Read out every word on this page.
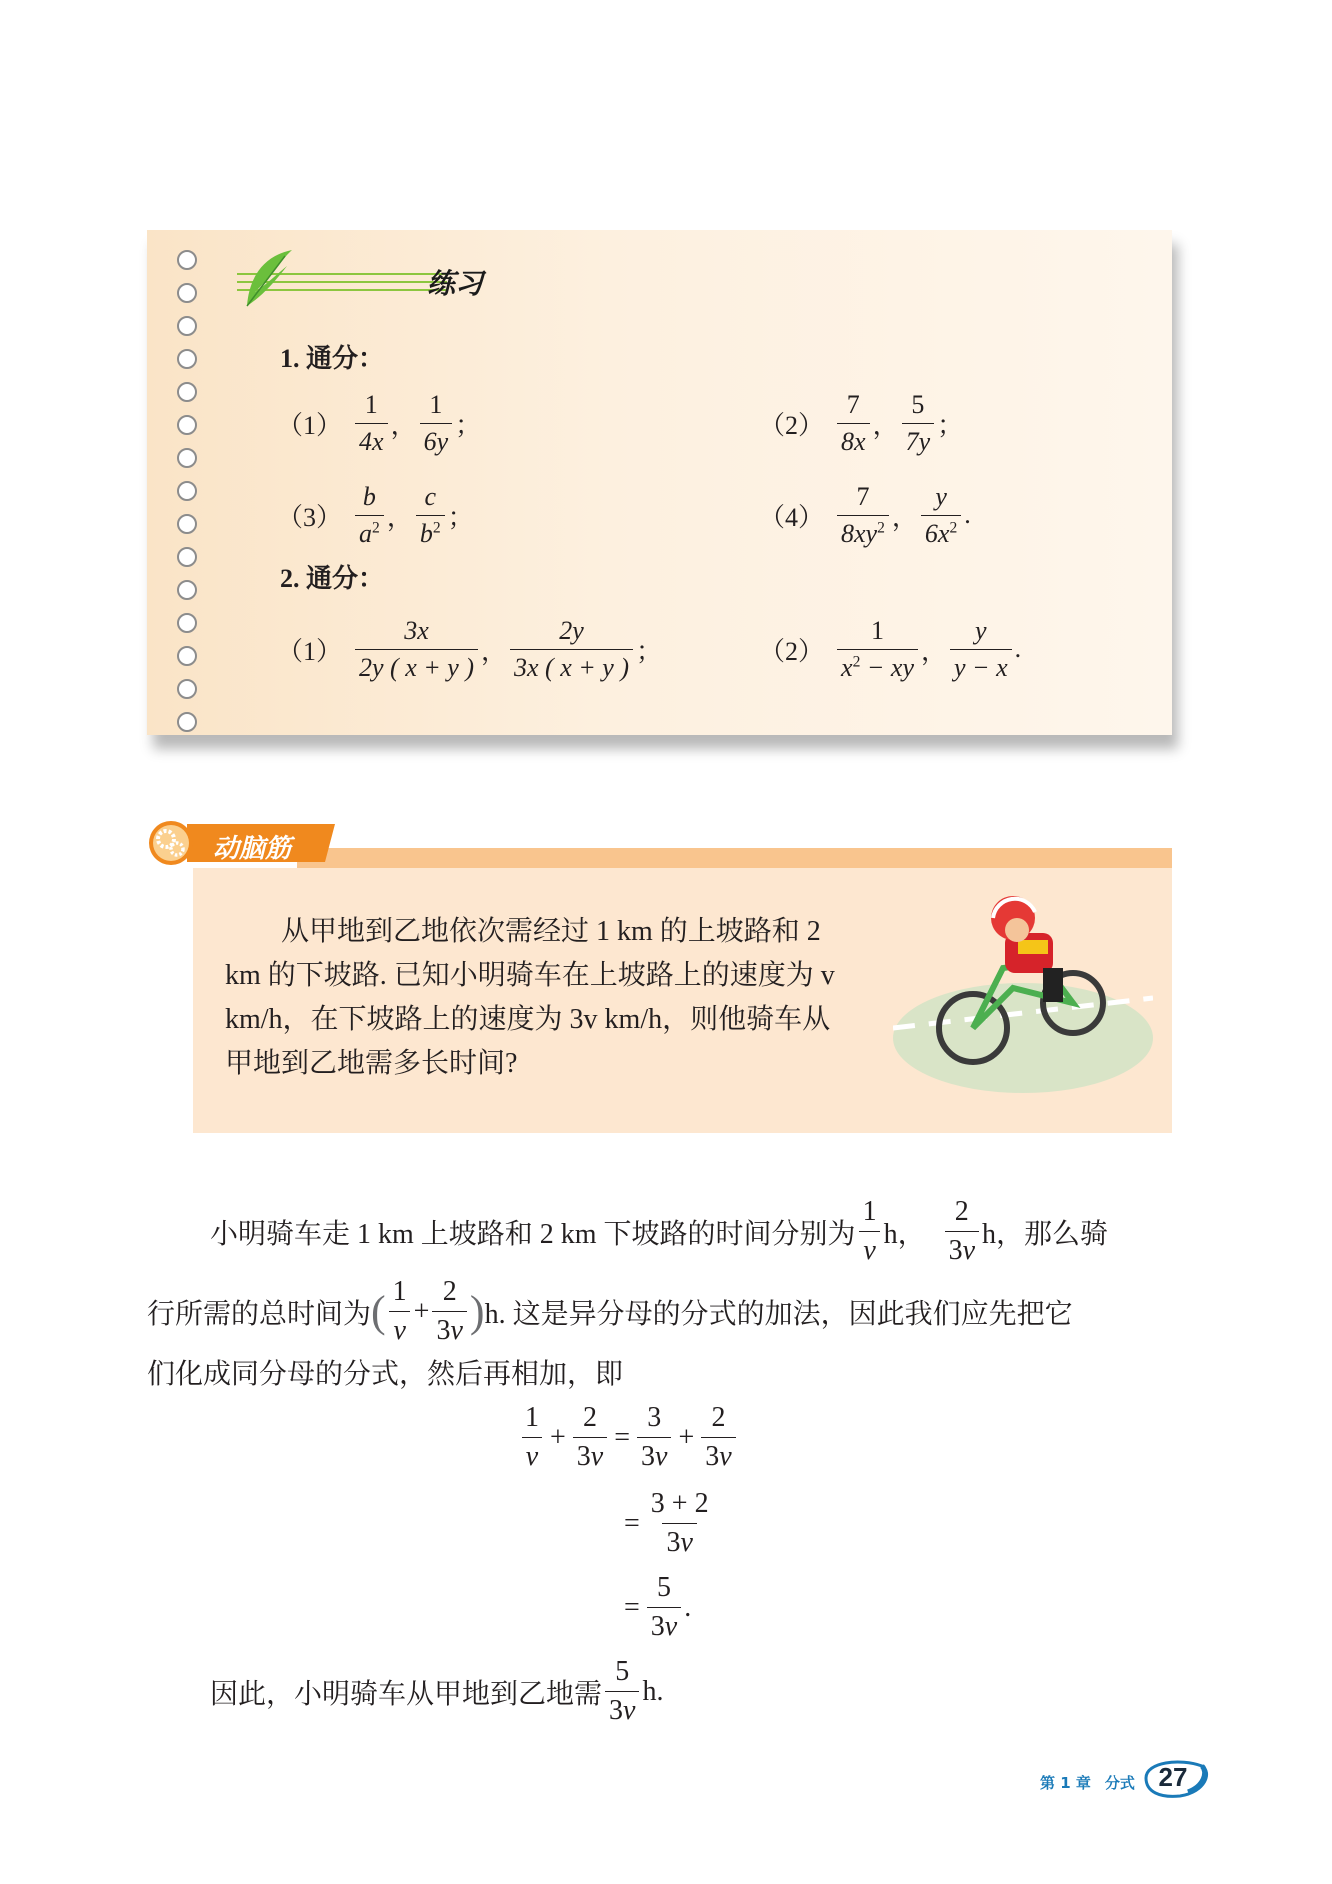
练习
1. 通分：
$(1) \frac{1}{4x}$ ， $\frac{1}{6y}$ ；	$(2) \frac{7}{8x}$ ， $\frac{5}{7y}$ ；
$(3) \frac{b}{a^2}$ ， $\frac{c}{b^2}$ ；	$(4) \frac{7}{8xy^2}$ ， $\frac{y}{6x^2}$ .
2. 通分：
$(1) \frac{3x}{2y ( x + y )}$ ， $\frac{2y}{3x ( x + y )}$ ；	$(2) \frac{1}{x^2 - xy}$ ， $\frac{y}{y - x}$ .
动脑筋
从甲地到乙地依次需经过 1 km 的上坡路和 2 km 的下坡路. 已知小明骑车在上坡路上的速度为 v km/h，在下坡路上的速度为 3v km/h，则他骑车从甲地到乙地需多长时间?
小明骑车走 1 km 上坡路和 2 km 下坡路的时间分别为 $\frac{1}{v}$ h， $\frac{2}{3v}$ h，那么骑
行所需的总时间为 ( $\frac{1}{v} + \frac{2}{3v}$ ) h. 这是异分母的分式的加法，因此我们应先把它
们化成同分母的分式，然后再相加，即
$\frac{1}{v} + \frac{2}{3v} = \frac{3}{3v} + \frac{2}{3v}$
= $\frac{3 + 2}{3v}$
= $\frac{5}{3v}$ .
因此，小明骑车从甲地到乙地需 $\frac{5}{3v} h$.
第 1 章 分式 27
